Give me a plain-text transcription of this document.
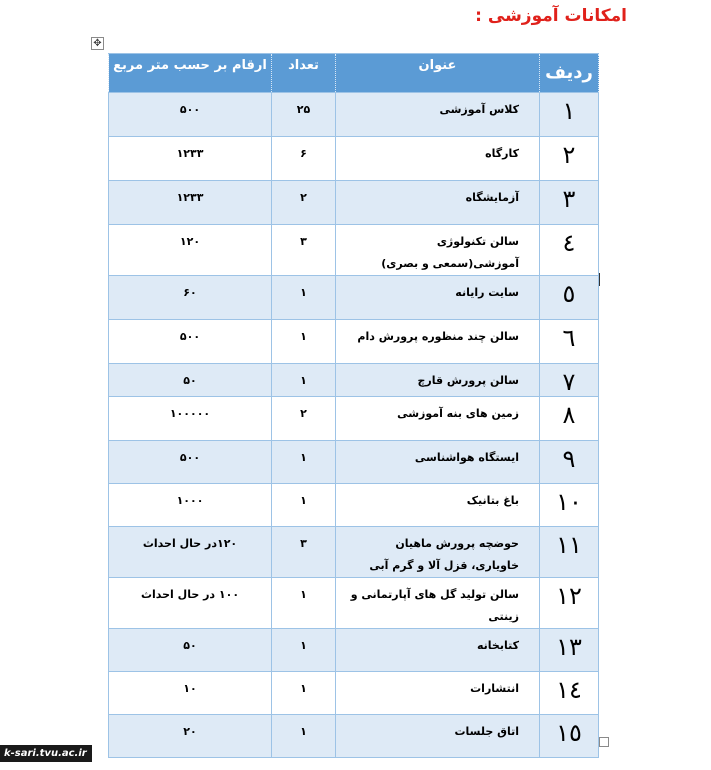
امکانات آموزشی :
✥
ردیف	عنوان	تعداد	ارقام بر حسب متر مربع
۱	کلاس آموزشی	۲۵	۵۰۰
۲	کارگاه	۶	۱۲۳۳
۳	آزمایشگاه	۲	۱۲۳۳
٤	سالن تکنولوژی آموزشی(سمعی و بصری)	۳	۱۲۰
٥	سایت رایانه	۱	۶۰
٦	سالن چند منظوره پرورش دام	۱	۵۰۰
۷	سالن پرورش قارچ	۱	۵۰
۸	زمین های بنه آموزشی	۲	۱۰۰۰۰۰
۹	ایستگاه هواشناسی	۱	۵۰۰
۱۰	باغ بتانیک	۱	۱۰۰۰
۱۱	حوضچه پرورش ماهیان خاویاری، قزل آلا و گرم آبی	۳	۱۲۰در حال احداث
۱۲	سالن تولید گل های آپارتمانی و زینتی	۱	۱۰۰ در حال احداث
۱۳	کتابخانه	۱	۵۰
۱٤	انتشارات	۱	۱۰
۱٥	اتاق جلسات	۱	۲۰
k-sari.tvu.ac.ir
